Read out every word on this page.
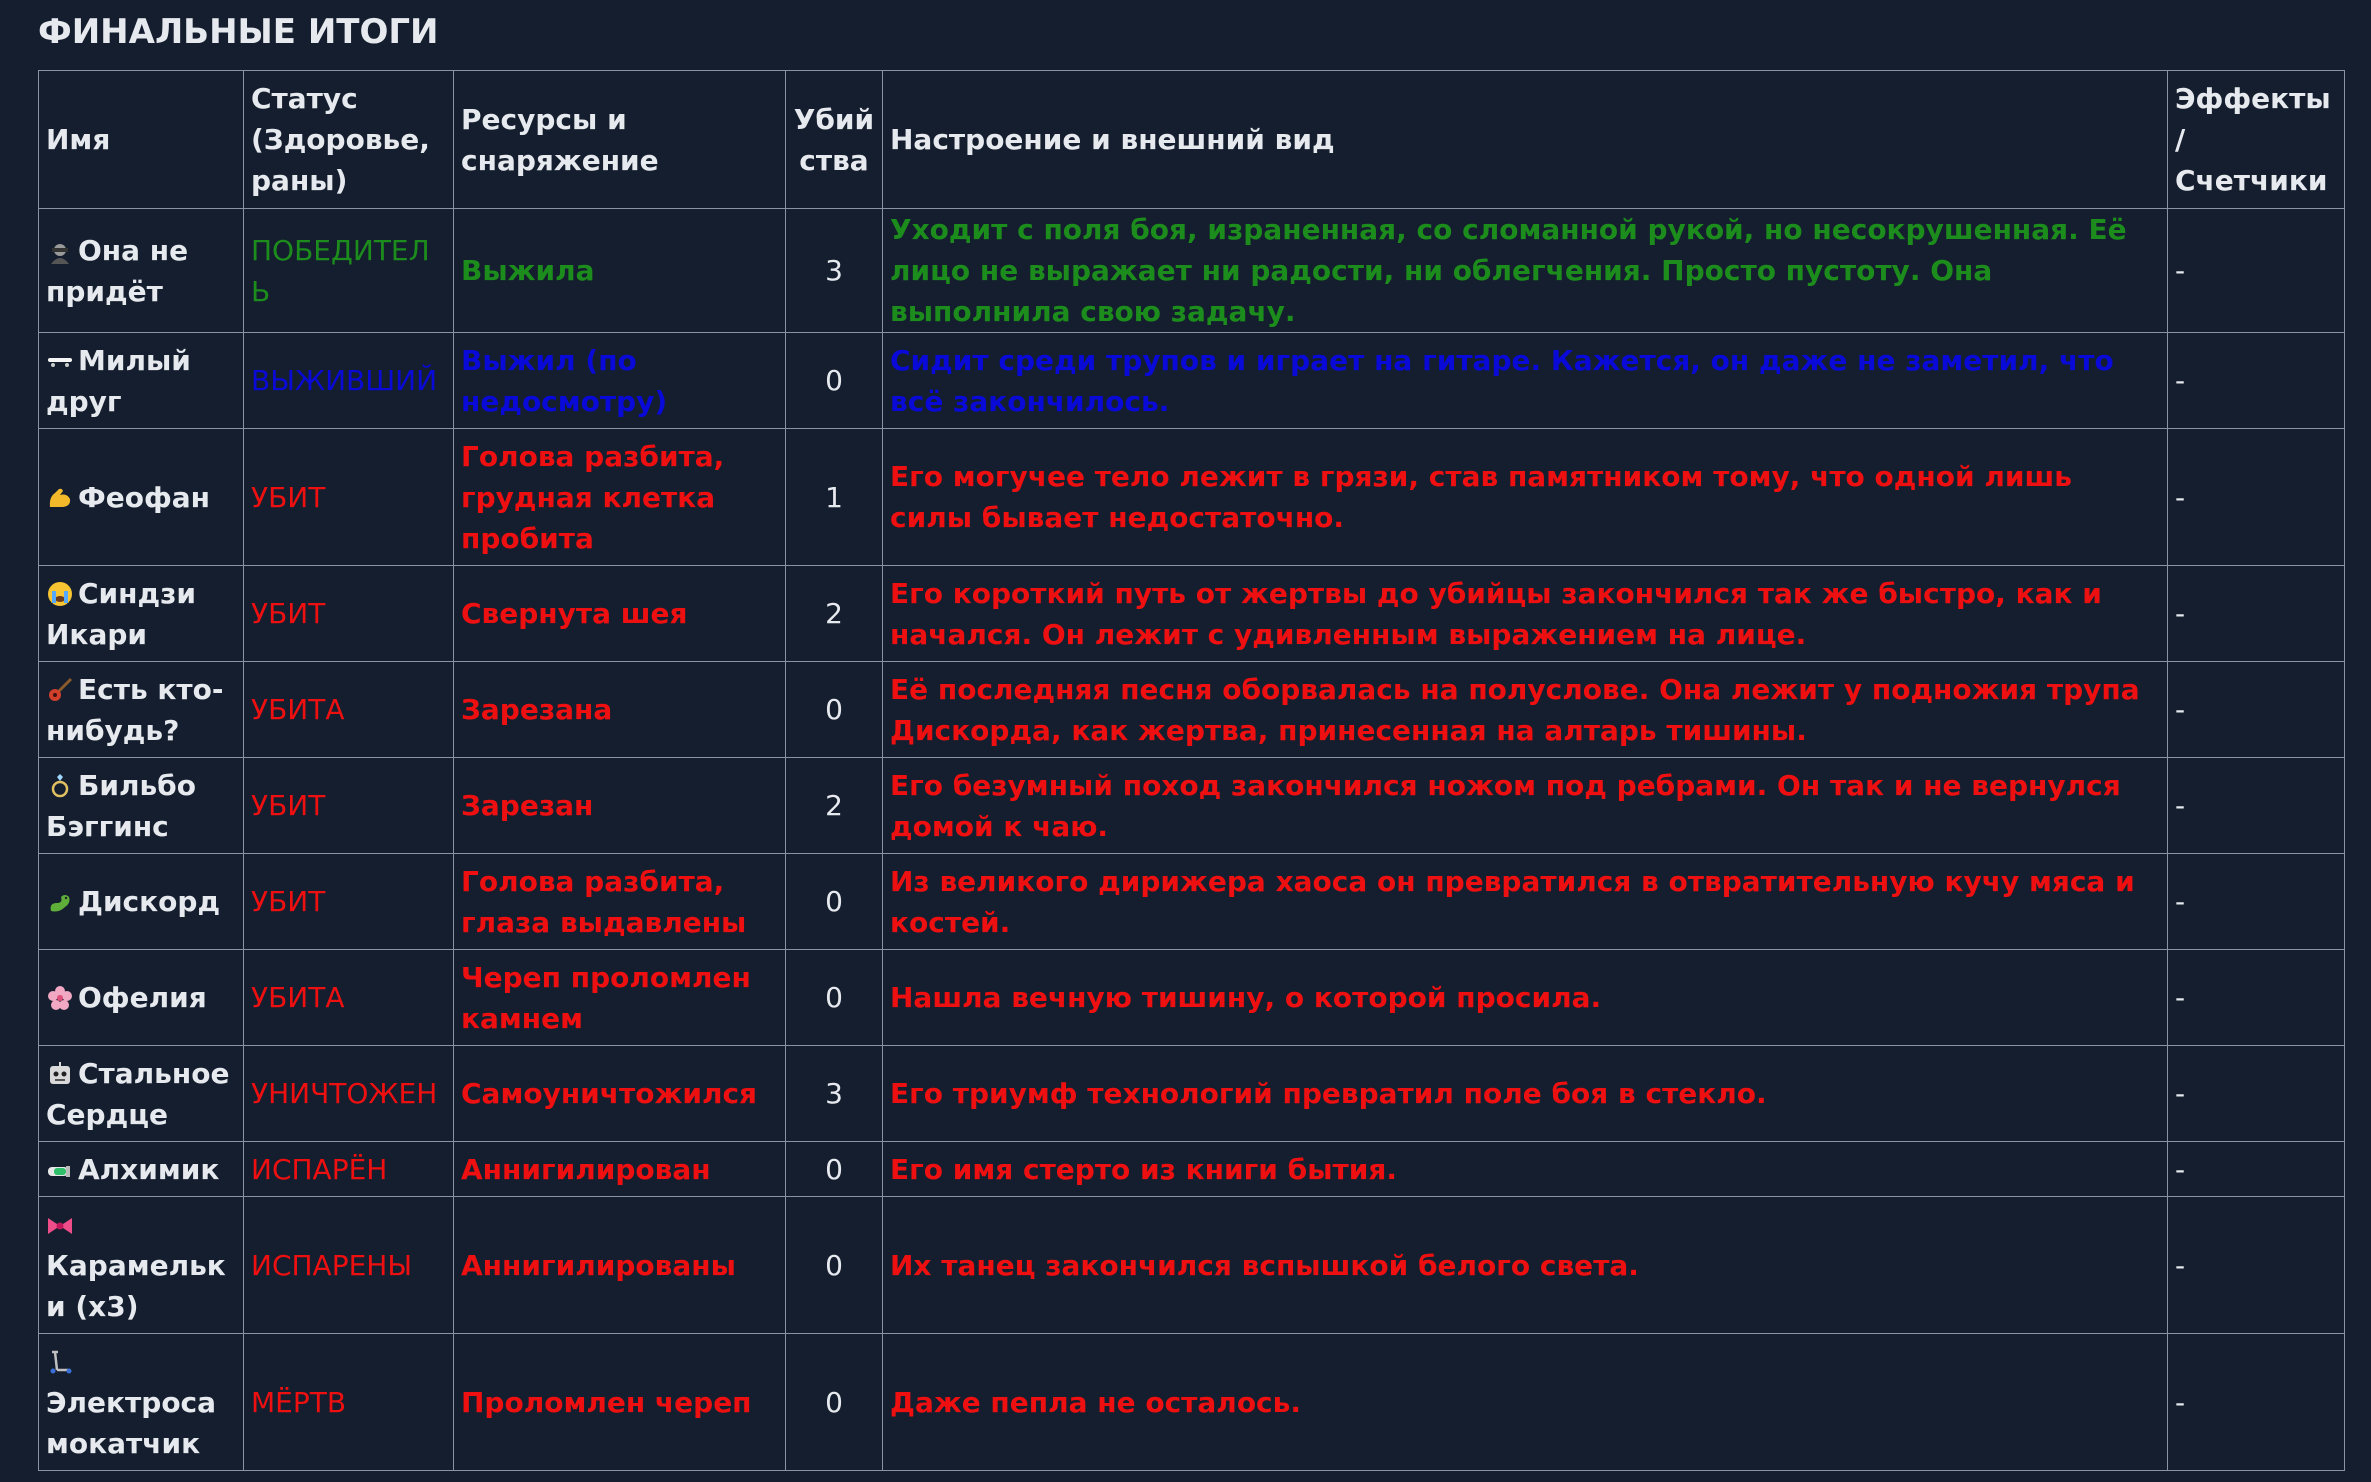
ФИНАЛЬНЫЕ ИТОГИ
Имя	Статус (Здоровье, раны)	Ресурсы и снаряжение	Убийства	Настроение и внешний вид	Эффекты/ Счетчики
Она не придёт	ПОБЕДИТЕЛЬ	Выжила	3	Уходит с поля боя, израненная, со сломанной рукой, но несокрушенная. Её лицо не выражает ни радости, ни облегчения. Просто пустоту. Она выполнила свою задачу.	-
Милый друг	ВЫЖИВШИЙ	Выжил (по недосмотру)	0	Сидит среди трупов и играет на гитаре. Кажется, он даже не заметил, что всё закончилось.	-
Феофан	УБИТ	Голова разбита, грудная клетка пробита	1	Его могучее тело лежит в грязи, став памятником тому, что одной лишь силы бывает недостаточно.	-
Синдзи Икари	УБИТ	Свернута шея	2	Его короткий путь от жертвы до убийцы закончился так же быстро, как и начался. Он лежит с удивленным выражением на лице.	-
Есть кто-нибудь?	УБИТА	Зарезана	0	Её последняя песня оборвалась на полуслове. Она лежит у подножия трупа Дискорда, как жертва, принесенная на алтарь тишины.	-
Бильбо Бэггинс	УБИТ	Зарезан	2	Его безумный поход закончился ножом под ребрами. Он так и не вернулся домой к чаю.	-
Дискорд	УБИТ	Голова разбита, глаза выдавлены	0	Из великого дирижера хаоса он превратился в отвратительную кучу мяса и костей.	-
Офелия	УБИТА	Череп проломлен камнем	0	Нашла вечную тишину, о которой просила.	-
Стальное Сердце	УНИЧТОЖЕН	Самоуничтожился	3	Его триумф технологий превратил поле боя в стекло.	-
Алхимик	ИСПАРЁН	Аннигилирован	0	Его имя стерто из книги бытия.	-
Карамельки (x3)	ИСПАРЕНЫ	Аннигилированы	0	Их танец закончился вспышкой белого света.	-
Электросамокатчик	МЁРТВ	Проломлен череп	0	Даже пепла не осталось.	-
